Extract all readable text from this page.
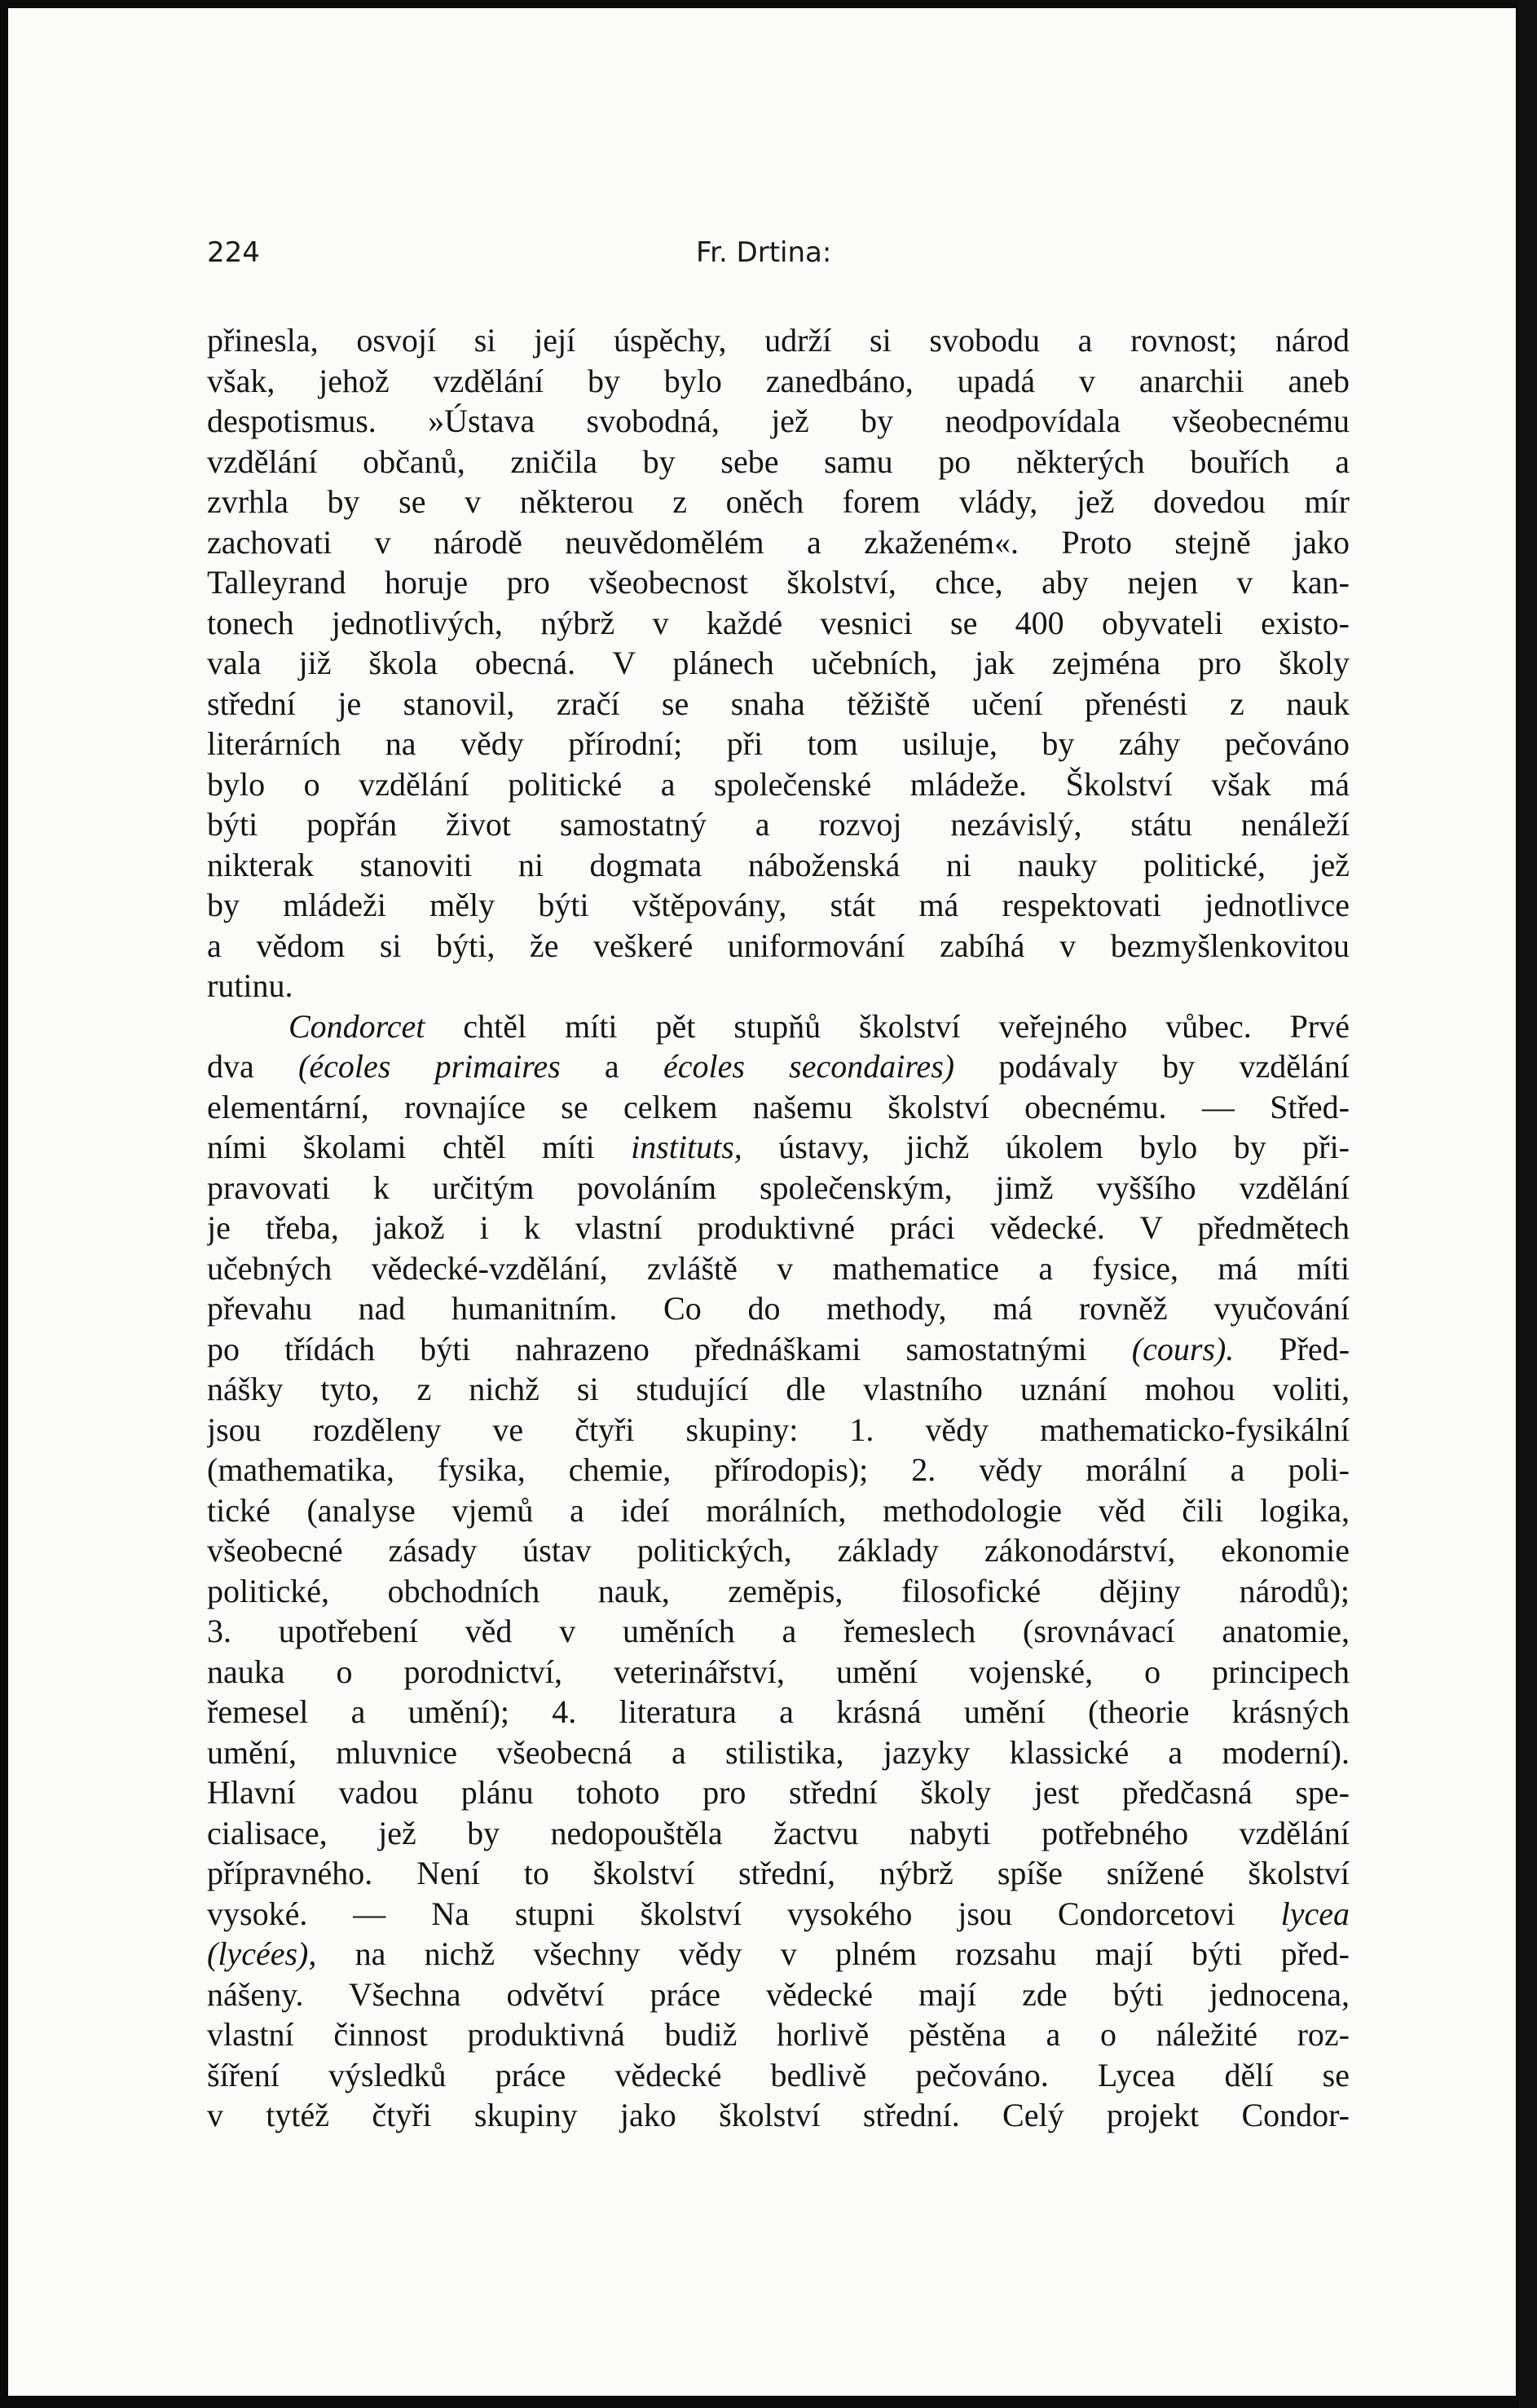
224	Fr. Drtina:
přinesla, osvojí si její úspěchy, udrží si svobodu a rovnost; národ
však, jehož vzdělání by bylo zanedbáno, upadá v anarchii aneb
despotismus. »Ústava svobodná, jež by neodpovídala všeobecnému
vzdělání občanů, zničila by sebe samu po některých bouřích a
zvrhla by se v některou z oněch forem vlády, jež dovedou mír
zachovati v národě neuvědomělém a zkaženém«. Proto stejně jako
Talleyrand horuje pro všeobecnost školství, chce, aby nejen v kan-
tonech jednotlivých, nýbrž v každé vesnici se 400 obyvateli existo-
vala již škola obecná. V plánech učebních, jak zejména pro školy
střední je stanovil, zračí se snaha těžiště učení přenésti z nauk
literárních na vědy přírodní; při tom usiluje, by záhy pečováno
bylo o vzdělání politické a společenské mládeže. Školství však má
býti popřán život samostatný a rozvoj nezávislý, státu nenáleží
nikterak stanoviti ni dogmata náboženská ni nauky politické, jež
by mládeži měly býti vštěpovány, stát má respektovati jednotlivce
a vědom si býti, že veškeré uniformování zabíhá v bezmyšlenkovitou
rutinu.
Condorcet chtěl míti pět stupňů školství veřejného vůbec. Prvé
dva (écoles primaires a écoles secondaires) podávaly by vzdělání
elementární, rovnajíce se celkem našemu školství obecnému. — Střed-
ními školami chtěl míti instituts, ústavy, jichž úkolem bylo by při-
pravovati k určitým povoláním společenským, jimž vyššího vzdělání
je třeba, jakož i k vlastní produktivné práci vědecké. V předmětech
učebných vědecké-vzdělání, zvláště v mathematice a fysice, má míti
převahu nad humanitním. Co do methody, má rovněž vyučování
po třídách býti nahrazeno přednáškami samostatnými (cours). Před-
nášky tyto, z nichž si studující dle vlastního uznání mohou voliti,
jsou rozděleny ve čtyři skupiny: 1. vědy mathematicko-fysikální
(mathematika, fysika, chemie, přírodopis); 2. vědy morální a poli-
tické (analyse vjemů a ideí morálních, methodologie věd čili logika,
všeobecné zásady ústav politických, základy zákonodárství, ekonomie
politické, obchodních nauk, zeměpis, filosofické dějiny národů);
3. upotřebení věd v uměních a řemeslech (srovnávací anatomie,
nauka o porodnictví, veterinářství, umění vojenské, o principech
řemesel a umění); 4. literatura a krásná umění (theorie krásných
umění, mluvnice všeobecná a stilistika, jazyky klassické a moderní).
Hlavní vadou plánu tohoto pro střední školy jest předčasná spe-
cialisace, jež by nedopouštěla žactvu nabyti potřebného vzdělání
přípravného. Není to školství střední, nýbrž spíše snížené školství
vysoké. — Na stupni školství vysokého jsou Condorcetovi lycea
(lycées), na nichž všechny vědy v plném rozsahu mají býti před-
nášeny. Všechna odvětví práce vědecké mají zde býti jednocena,
vlastní činnost produktivná budiž horlivě pěstěna a o náležité roz-
šíření výsledků práce vědecké bedlivě pečováno. Lycea dělí se
v tytéž čtyři skupiny jako školství střední. Celý projekt Condor-
